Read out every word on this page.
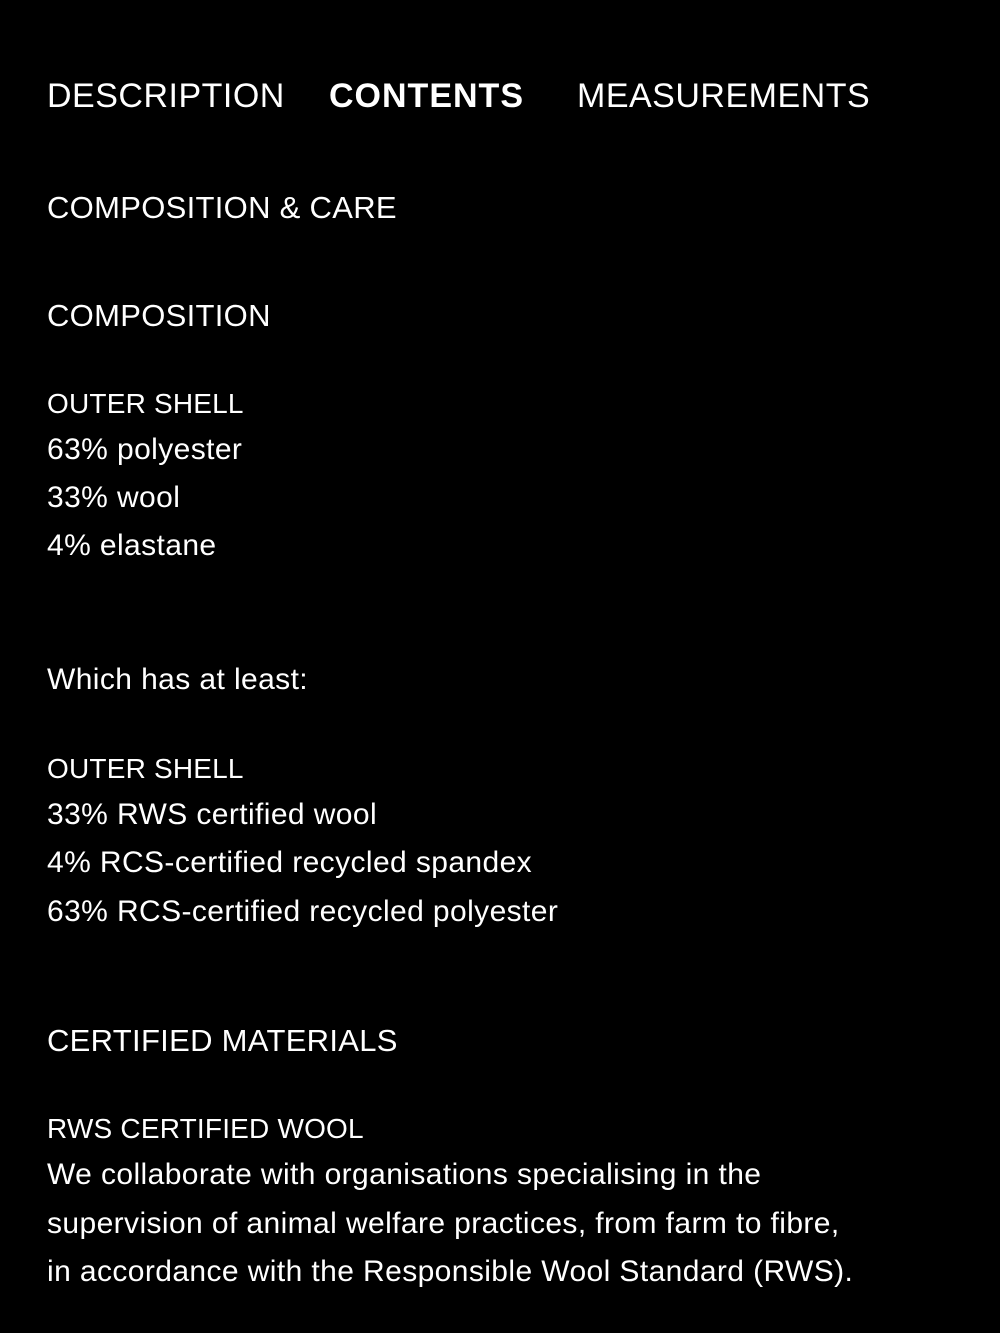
DESCRIPTION	CONTENTS	MEASUREMENTS
COMPOSITION & CARE
COMPOSITION
OUTER SHELL
63% polyester
33% wool
4% elastane
Which has at least:
OUTER SHELL
33% RWS certified wool
4% RCS-certified recycled spandex
63% RCS-certified recycled polyester
CERTIFIED MATERIALS
RWS CERTIFIED WOOL
We collaborate with organisations specialising in the
supervision of animal welfare practices, from farm to fibre,
in accordance with the Responsible Wool Standard (RWS).
